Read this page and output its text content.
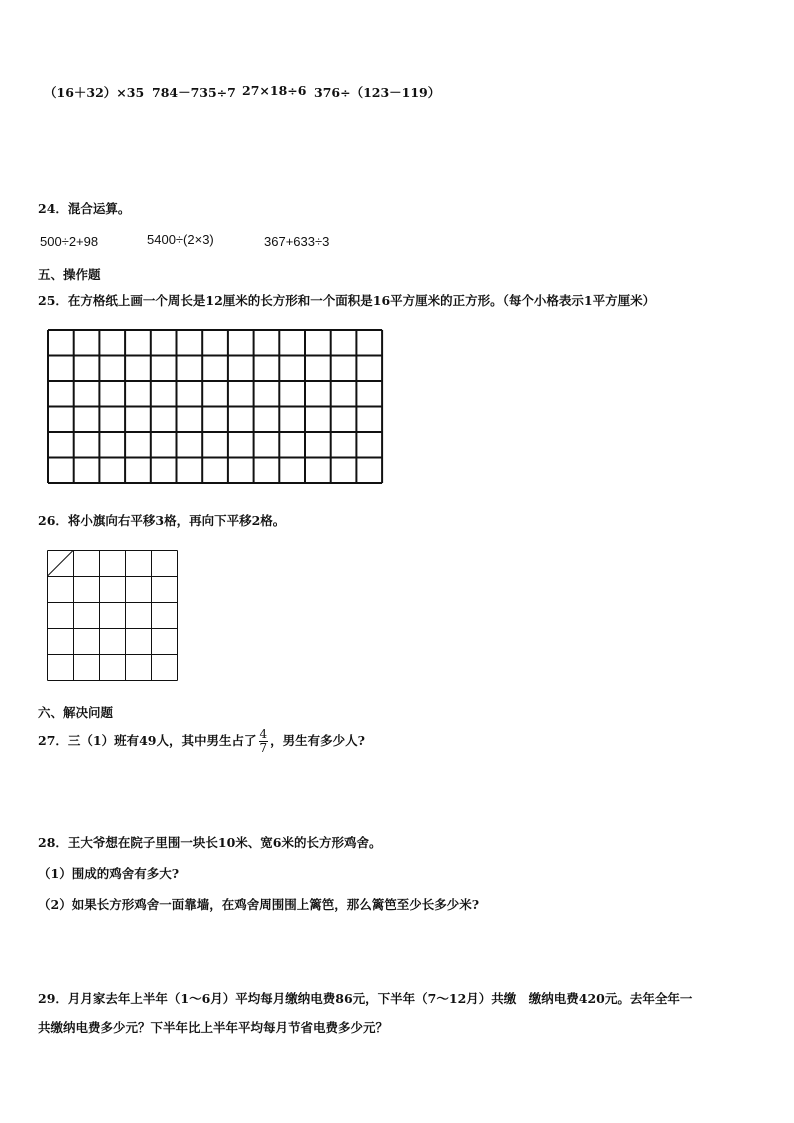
（16＋32）×35 784－735÷7 27×18÷6 376÷（123－119）
24．混合运算。
500÷2+98	5400÷(2×3)	367+633÷3
五、操作题
25．在方格纸上画一个周长是12厘米的长方形和一个面积是16平方厘米的正方形。（每个小格表示1平方厘米）
26．将小旗向右平移3格，再向下平移2格。
六、解决问题
27．三（1）班有49人，其中男生占了 $\frac{4}{7}$ ，男生有多少人?
28．王大爷想在院子里围一块长10米、宽6米的长方形鸡舍。
（1）围成的鸡舍有多大?
（2）如果长方形鸡舍一面靠墙，在鸡舍周围围上篱笆，那么篱笆至少长多少米?
29．月月家去年上半年（1～6月）平均每月缴纳电费86元，下半年（7～12月）共缴　缴纳电费420元。去年全年一
共缴纳电费多少元？下半年比上半年平均每月节省电费多少元？
